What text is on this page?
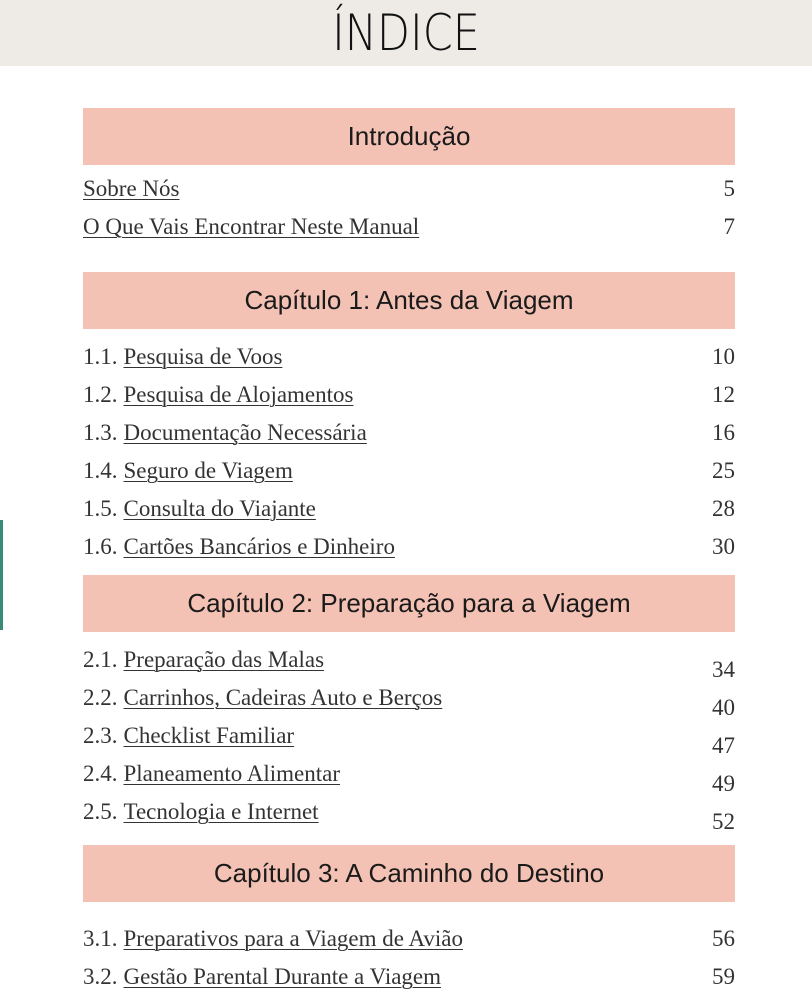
ÍNDICE
Introdução
Sobre Nós	5
O Que Vais Encontrar Neste Manual	7
Capítulo 1: Antes da Viagem
1.1. Pesquisa de Voos	10
1.2. Pesquisa de Alojamentos	12
1.3. Documentação Necessária	16
1.4. Seguro de Viagem	25
1.5. Consulta do Viajante	28
1.6. Cartões Bancários e Dinheiro	30
Capítulo 2: Preparação para a Viagem
2.1. Preparação das Malas	34
2.2. Carrinhos, Cadeiras Auto e Berços	40
2.3. Checklist Familiar	47
2.4. Planeamento Alimentar	49
2.5. Tecnologia e Internet	52
Capítulo 3: A Caminho do Destino
3.1. Preparativos para a Viagem de Avião	56
3.2. Gestão Parental Durante a Viagem	59
